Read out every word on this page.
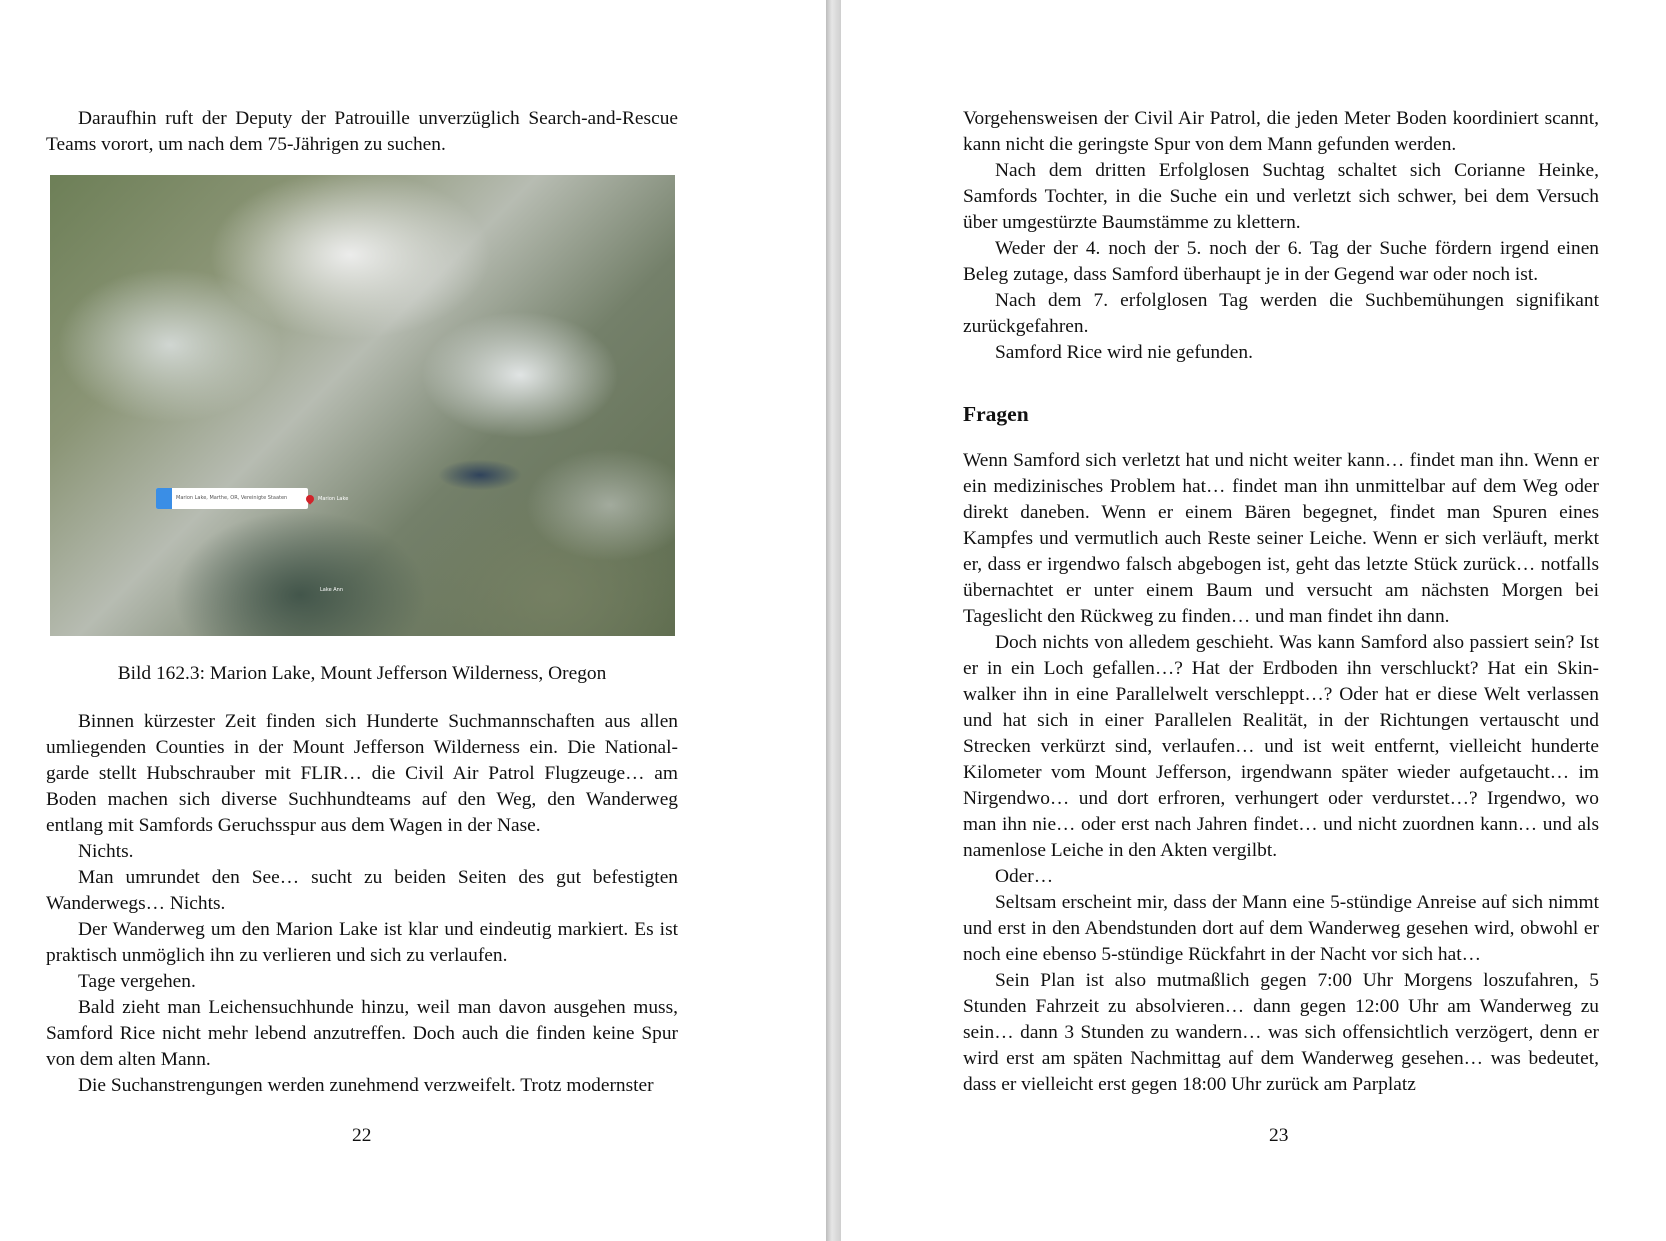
Daraufhin ruft der Deputy der Patrouille unverzüglich Search-and-Rescue Teams vorort, um nach dem 75-Jährigen zu suchen.

Marion Lake, Marthe, OR, Vereinigte Staaten	Marion Lake
Lake Ann
Bild 162.3: Marion Lake, Mount Jefferson Wilderness, Oregon

Binnen kürzester Zeit finden sich Hunderte Suchmannschaften aus allen umliegenden Counties in der Mount Jefferson Wilderness ein. Die National-garde stellt Hubschrauber mit FLIR… die Civil Air Patrol Flugzeuge… am Boden machen sich diverse Suchhundteams auf den Weg, den Wanderweg entlang mit Samfords Geruchsspur aus dem Wagen in der Nase.

Nichts.

Man umrundet den See… sucht zu beiden Seiten des gut befestigten Wanderwegs… Nichts.

Der Wanderweg um den Marion Lake ist klar und eindeutig markiert. Es ist praktisch unmöglich ihn zu verlieren und sich zu verlaufen.

Tage vergehen.

Bald zieht man Leichensuchhunde hinzu, weil man davon ausgehen muss, Samford Rice nicht mehr lebend anzutreffen. Doch auch die finden keine Spur von dem alten Mann.

Die Suchanstrengungen werden zunehmend verzweifelt. Trotz modernster

22

Vorgehensweisen der Civil Air Patrol, die jeden Meter Boden koordiniert scannt, kann nicht die geringste Spur von dem Mann gefunden werden.

Nach dem dritten Erfolglosen Suchtag schaltet sich Corianne Heinke, Samfords Tochter, in die Suche ein und verletzt sich schwer, bei dem Versuch über umgestürzte Baumstämme zu klettern.

Weder der 4. noch der 5. noch der 6. Tag der Suche fördern irgend einen Beleg zutage, dass Samford überhaupt je in der Gegend war oder noch ist.

Nach dem 7. erfolglosen Tag werden die Suchbemühungen signifikant zurückgefahren.

Samford Rice wird nie gefunden.

Fragen

Wenn Samford sich verletzt hat und nicht weiter kann… findet man ihn. Wenn er ein medizinisches Problem hat… findet man ihn unmittelbar auf dem Weg oder direkt daneben. Wenn er einem Bären begegnet, findet man Spuren eines Kampfes und vermutlich auch Reste seiner Leiche. Wenn er sich verläuft, merkt er, dass er irgendwo falsch abgebogen ist, geht das letzte Stück zurück… notfalls übernachtet er unter einem Baum und versucht am nächsten Morgen bei Tageslicht den Rückweg zu finden… und man findet ihn dann.

Doch nichts von alledem geschieht. Was kann Samford also passiert sein? Ist er in ein Loch gefallen…? Hat der Erdboden ihn verschluckt? Hat ein Skin-walker ihn in eine Parallelwelt verschleppt…? Oder hat er diese Welt verlassen und hat sich in einer Parallelen Realität, in der Richtungen vertauscht und Strecken verkürzt sind, verlaufen… und ist weit entfernt, vielleicht hunderte Kilometer vom Mount Jefferson, irgendwann später wieder aufgetaucht… im Nirgendwo… und dort erfroren, verhungert oder verdurstet…? Irgendwo, wo man ihn nie… oder erst nach Jahren findet… und nicht zuordnen kann… und als namenlose Leiche in den Akten vergilbt.

Oder…

Seltsam erscheint mir, dass der Mann eine 5-stündige Anreise auf sich nimmt und erst in den Abendstunden dort auf dem Wanderweg gesehen wird, obwohl er noch eine ebenso 5-stündige Rückfahrt in der Nacht vor sich hat…

Sein Plan ist also mutmaßlich gegen 7:00 Uhr Morgens loszufahren, 5 Stunden Fahrzeit zu absolvieren… dann gegen 12:00 Uhr am Wanderweg zu sein… dann 3 Stunden zu wandern… was sich offensichtlich verzögert, denn er wird erst am späten Nachmittag auf dem Wanderweg gesehen… was bedeutet, dass er vielleicht erst gegen 18:00 Uhr zurück am Parplatz

23
